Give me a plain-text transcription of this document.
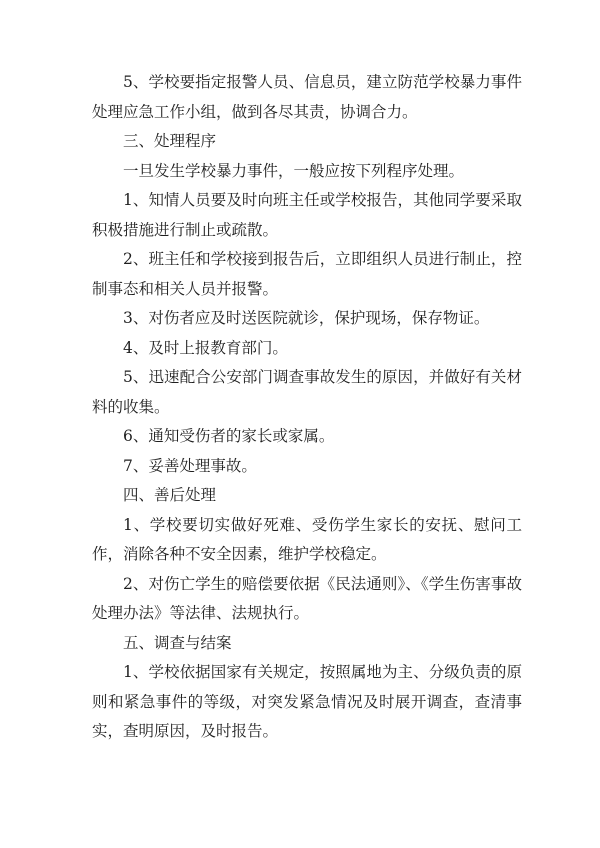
5、学校要指定报警人员、信息员，建立防范学校暴力事件处理应急工作小组，做到各尽其责，协调合力。

三、处理程序

一旦发生学校暴力事件，一般应按下列程序处理。

1、知情人员要及时向班主任或学校报告，其他同学要采取积极措施进行制止或疏散。

2、班主任和学校接到报告后，立即组织人员进行制止，控制事态和相关人员并报警。

3、对伤者应及时送医院就诊，保护现场，保存物证。

4、及时上报教育部门。

5、迅速配合公安部门调查事故发生的原因，并做好有关材料的收集。

6、通知受伤者的家长或家属。

7、妥善处理事故。

四、善后处理

1、学校要切实做好死难、受伤学生家长的安抚、慰问工作，消除各种不安全因素，维护学校稳定。

2、对伤亡学生的赔偿要依据《民法通则》、《学生伤害事故处理办法》等法律、法规执行。

五、调查与结案

1、学校依据国家有关规定，按照属地为主、分级负责的原则和紧急事件的等级，对突发紧急情况及时展开调查，查清事实，查明原因，及时报告。
